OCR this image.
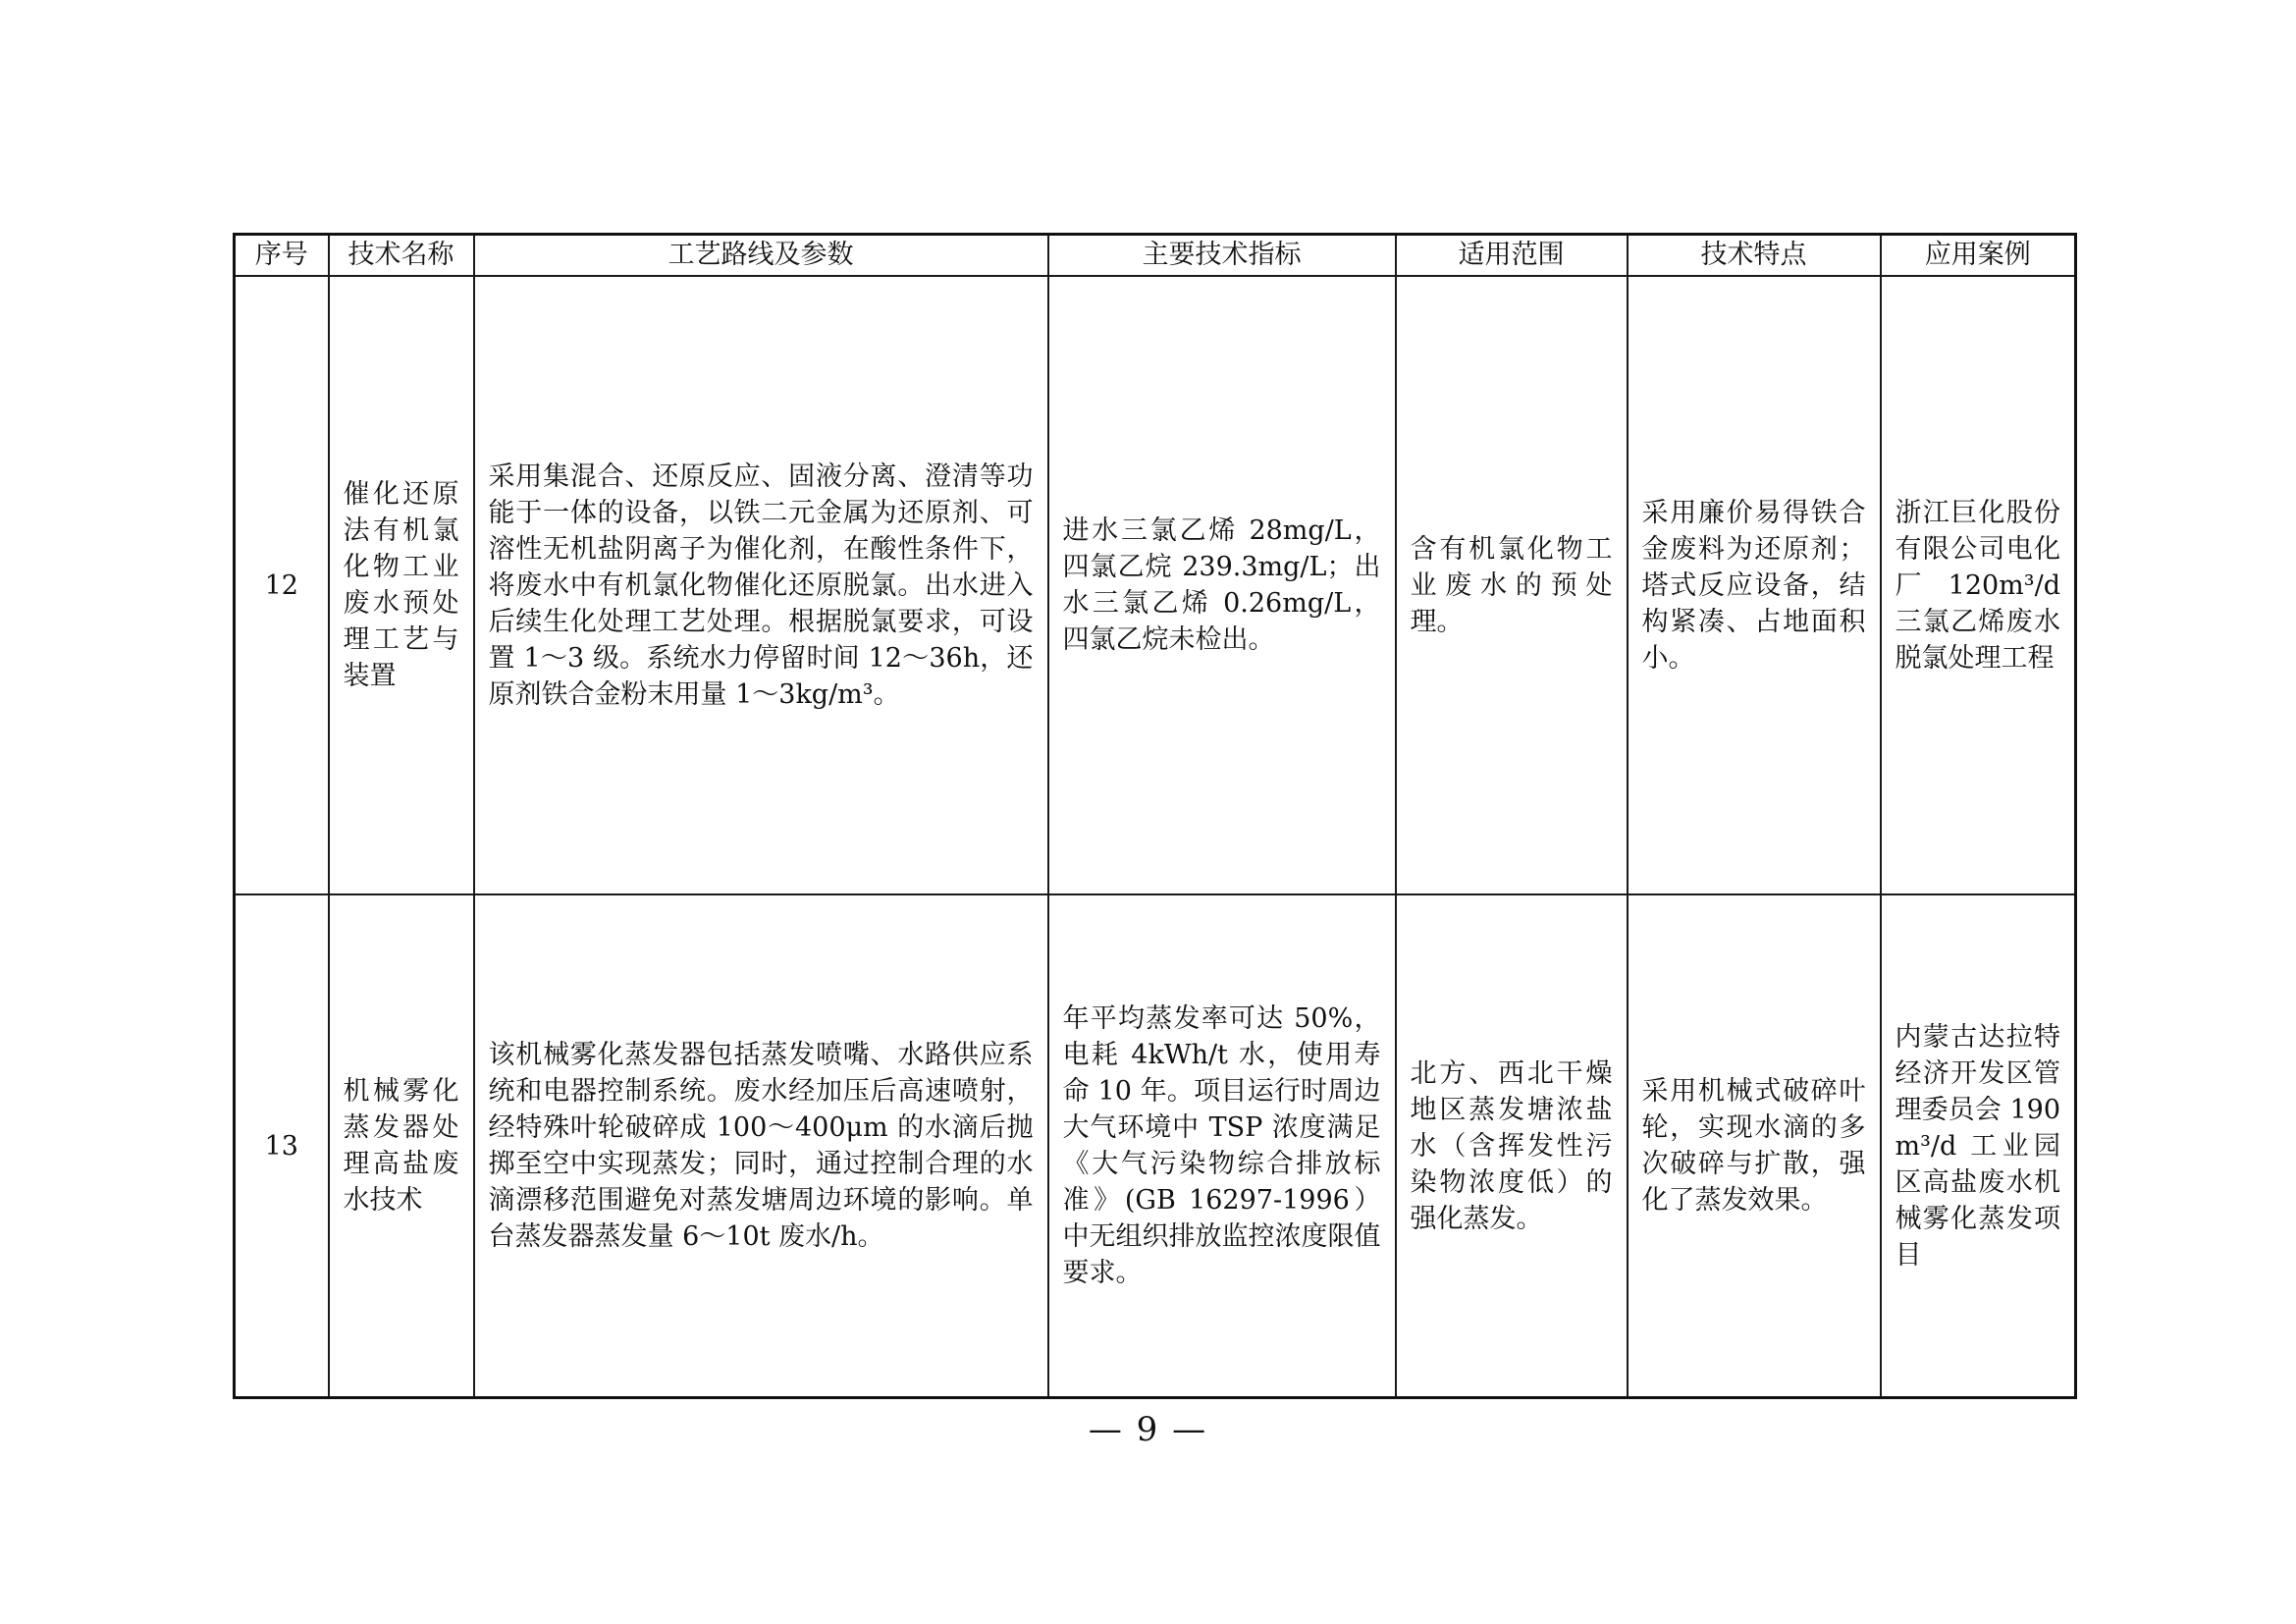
序号	技术名称	工艺路线及参数	主要技术指标	适用范围	技术特点	应用案例
12	催化还原法有机氯化物工业废水预处理工艺与装置	采用集混合、还原反应、固液分离、澄清等功能于一体的设备，以铁二元金属为还原剂、可溶性无机盐阴离子为催化剂，在酸性条件下，将废水中有机氯化物催化还原脱氯。出水进入后续生化处理工艺处理。根据脱氯要求，可设置 1～3 级。系统水力停留时间 12～36h，还原剂铁合金粉末用量 1～3kg/m³。	进水三氯乙烯 28mg/L，四氯乙烷 239.3mg/L；出水三氯乙烯 0.26mg/L，四氯乙烷未检出。	含有机氯化物工业废水的预处理。	采用廉价易得铁合金废料为还原剂；塔式反应设备，结构紧凑、占地面积小。	浙江巨化股份有限公司电化厂 120m³/d 三氯乙烯废水脱氯处理工程

13	机械雾化蒸发器处理高盐废水技术	该机械雾化蒸发器包括蒸发喷嘴、水路供应系统和电器控制系统。废水经加压后高速喷射，经特殊叶轮破碎成 100～400μm 的水滴后抛掷至空中实现蒸发；同时，通过控制合理的水滴漂移范围避免对蒸发塘周边环境的影响。单台蒸发器蒸发量 6～10t 废水/h。	年平均蒸发率可达 50%，电耗 4kWh/t 水，使用寿命 10 年。项目运行时周边大气环境中 TSP 浓度满足《大气污染物综合排放标准》(GB 16297-1996）中无组织排放监控浓度限值要求。	北方、西北干燥地区蒸发塘浓盐水（含挥发性污染物浓度低）的强化蒸发。	采用机械式破碎叶轮，实现水滴的多次破碎与扩散，强化了蒸发效果。	内蒙古达拉特经济开发区管理委员会 190m³/d 工业园区高盐废水机械雾化蒸发项目
— 9 —
